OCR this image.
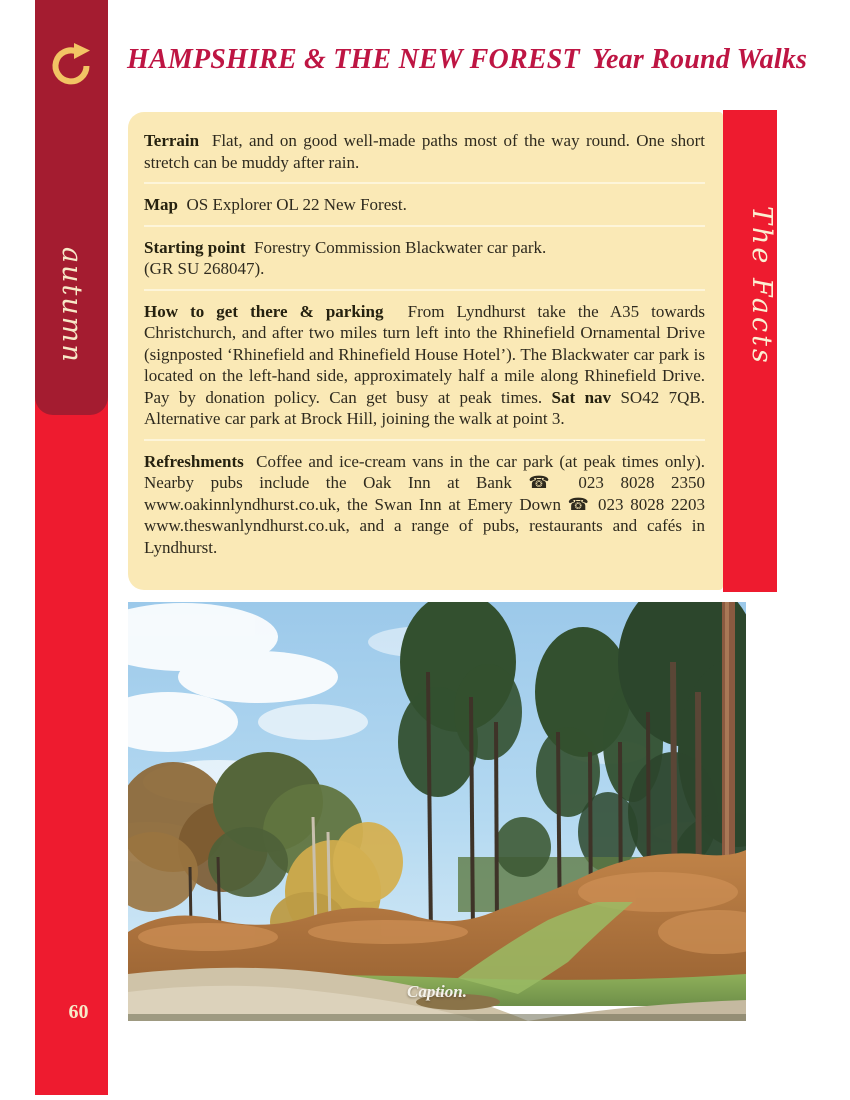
autumn
60
HAMPSHIRE & THE NEW FOREST Year Round Walks
Terrain  Flat, and on good well-made paths most of the way round. One short stretch can be muddy after rain.
Map  OS Explorer OL 22 New Forest.
Starting point  Forestry Commission Blackwater car park.
(GR SU 268047).
How to get there & parking  From Lyndhurst take the A35 towards Christchurch, and after two miles turn left into the Rhinefield Ornamental Drive (signposted ‘Rhinefield and Rhinefield House Hotel’). The Blackwater car park is located on the left-hand side, approximately half a mile along Rhinefield Drive. Pay by donation policy. Can get busy at peak times. Sat nav SO42 7QB. Alternative car park at Brock Hill, joining the walk at point 3.
Refreshments  Coffee and ice-cream vans in the car park (at peak times only). Nearby pubs include the Oak Inn at Bank ☎ 023 8028 2350 www.oakinnlyndhurst.co.uk, the Swan Inn at Emery Down ☎ 023 8028 2203 www.theswanlyndhurst.co.uk, and a range of pubs, restaurants and cafés in Lyndhurst.
The Facts
Caption.
